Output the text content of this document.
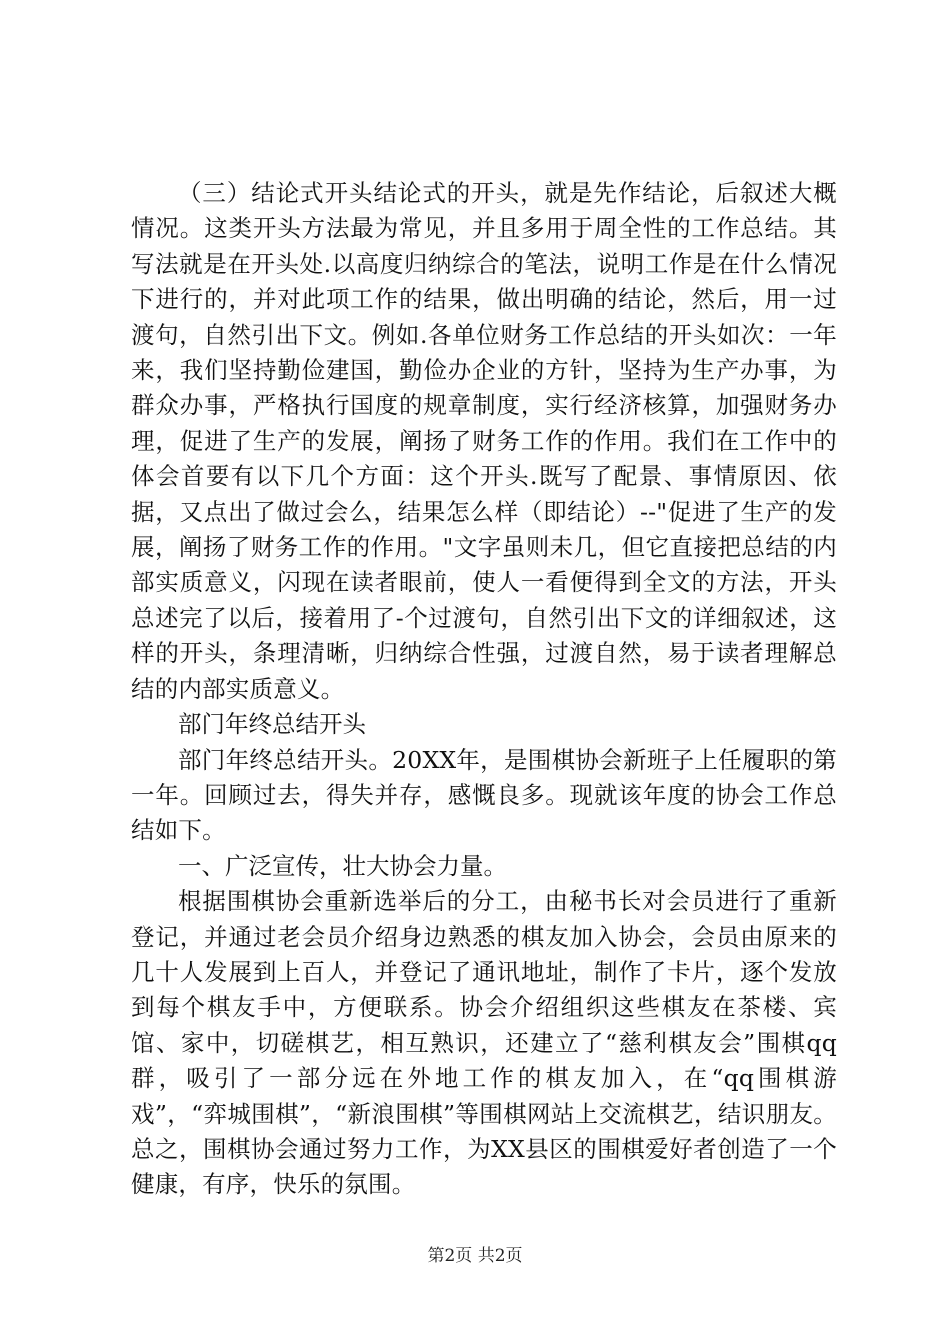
（三）结论式开头结论式的开头，就是先作结论，后叙述大概情况。这类开头方法最为常见，并且多用于周全性的工作总结。其写法就是在开头处.以高度归纳综合的笔法，说明工作是在什么情况下进行的，并对此项工作的结果，做出明确的结论，然后，用一过渡句，自然引出下文。例如.各单位财务工作总结的开头如次：一年来，我们坚持勤俭建国，勤俭办企业的方针，坚持为生产办事，为群众办事，严格执行国度的规章制度，实行经济核算，加强财务办理，促进了生产的发展，阐扬了财务工作的作用。我们在工作中的体会首要有以下几个方面：这个开头.既写了配景、事情原因、依据，又点出了做过会么，结果怎么样（即结论）--"促进了生产的发展，阐扬了财务工作的作用。"文字虽则未几，但它直接把总结的内部实质意义，闪现在读者眼前，使人一看便得到全文的方法，开头总述完了以后，接着用了-个过渡句，自然引出下文的详细叙述，这样的开头，条理清晰，归纳综合性强，过渡自然，易于读者理解总结的内部实质意义。

部门年终总结开头

部门年终总结开头。20XX年，是围棋协会新班子上任履职的第一年。回顾过去，得失并存，感慨良多。现就该年度的协会工作总结如下。

一、广泛宣传，壮大协会力量。

根据围棋协会重新选举后的分工，由秘书长对会员进行了重新登记，并通过老会员介绍身边熟悉的棋友加入协会，会员由原来的几十人发展到上百人，并登记了通讯地址，制作了卡片，逐个发放到每个棋友手中，方便联系。协会介绍组织这些棋友在茶楼、宾馆、家中，切磋棋艺，相互熟识，还建立了“慈利棋友会”围棋qq群，吸引了一部分远在外地工作的棋友加入，在“qq围棋游戏”，“弈城围棋”，“新浪围棋”等围棋网站上交流棋艺，结识朋友。总之，围棋协会通过努力工作，为XX县区的围棋爱好者创造了一个健康，有序，快乐的氛围。

第2页 共2页
